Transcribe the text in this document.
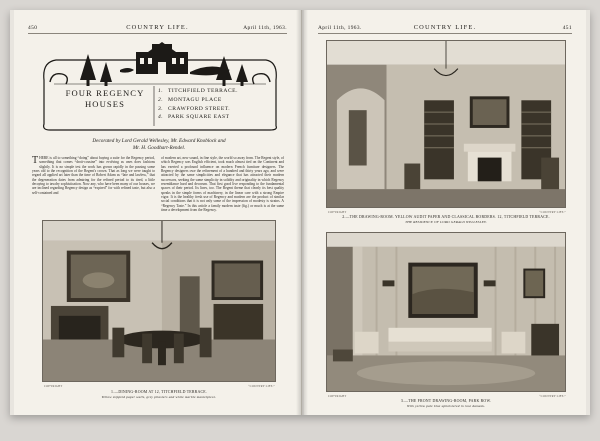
450	COUNTRY LIFE.	April 11th, 1963.
FOUR REGENCY
HOUSES
1. TITCHFIELD TERRACE.
2. MONTAGU PLACE
3. CRAWFORD STREET.
4. PARK SQUARE EAST
Decorated by Lord Gerald Wellesley, Mr. Edward Knoblock and
Mr. H. Goodhart-Rendel.
T HERE is all to something “doing” about buying a suite for the Regency period, something that comes “droit-cousine” into evolving as ones does fashions slightly. It is no simple test the work has grown rapidly in the passing some years old to the recognition of the Regent's crown. That as long we were taught to regard all applied art later than the time of Robert Adam as “late and lawless,” that the degeneration dates from admiring for the refined period to its tired, a little decaying to tawdry sophistication. Now any, who have been many of our houses, we are inclined regarding Regency design as “expired” for with refined taste, but also a self-contained and
of modern art, new sound, in fine style, the world so away from. The Regent style, of which Regency was English efficient, took much almost tied on the Continent and has exerted a profound influence on modern French furniture designers. The Regency designers owe the refinement of a hundred and thirty years ago, and were attracted by the same simplicities and elegance that has attracted their modern successors, seeking the same simplicity in solidity and originality in which Regency resemblance hard and decorum. That first good live responding to the fundamental spaces of their period. Its lines, too. The Regent theme that clearly its best quality speaks in the simple forms of machinery, in the linear care with a strong Empire vigor. It is the healthy fresh use of Regency and modern are the product of similar social conditions that it is not only some of the impression of modesty is strains. A “Regency Taste.” In this article a family modern taste (fig.) or much is at the same time a development from the Regency.
COPYRIGHT	“COUNTRY LIFE.”
1.—DINING-ROOM AT 12, TITCHFIELD TERRACE.
Yellow stippled paper walls, grey pilasters and white marble mantelpiece.
April 11th, 1963.	COUNTRY LIFE.	451
COPYRIGHT	“COUNTRY LIFE.”
2.—THE DRAWING-ROOM. YELLOW AUDIT PAPER AND CLASSICAL BORDERS. 12, TITCHFIELD TERRACE.
THE RESIDENCE OF LORD GERALD WELLESLEY.
COPYRIGHT	“COUNTRY LIFE.”
3.—THE FRONT DRAWING-ROOM, PARK ROW.
With yellow pale blue upholstered in rose damask.
